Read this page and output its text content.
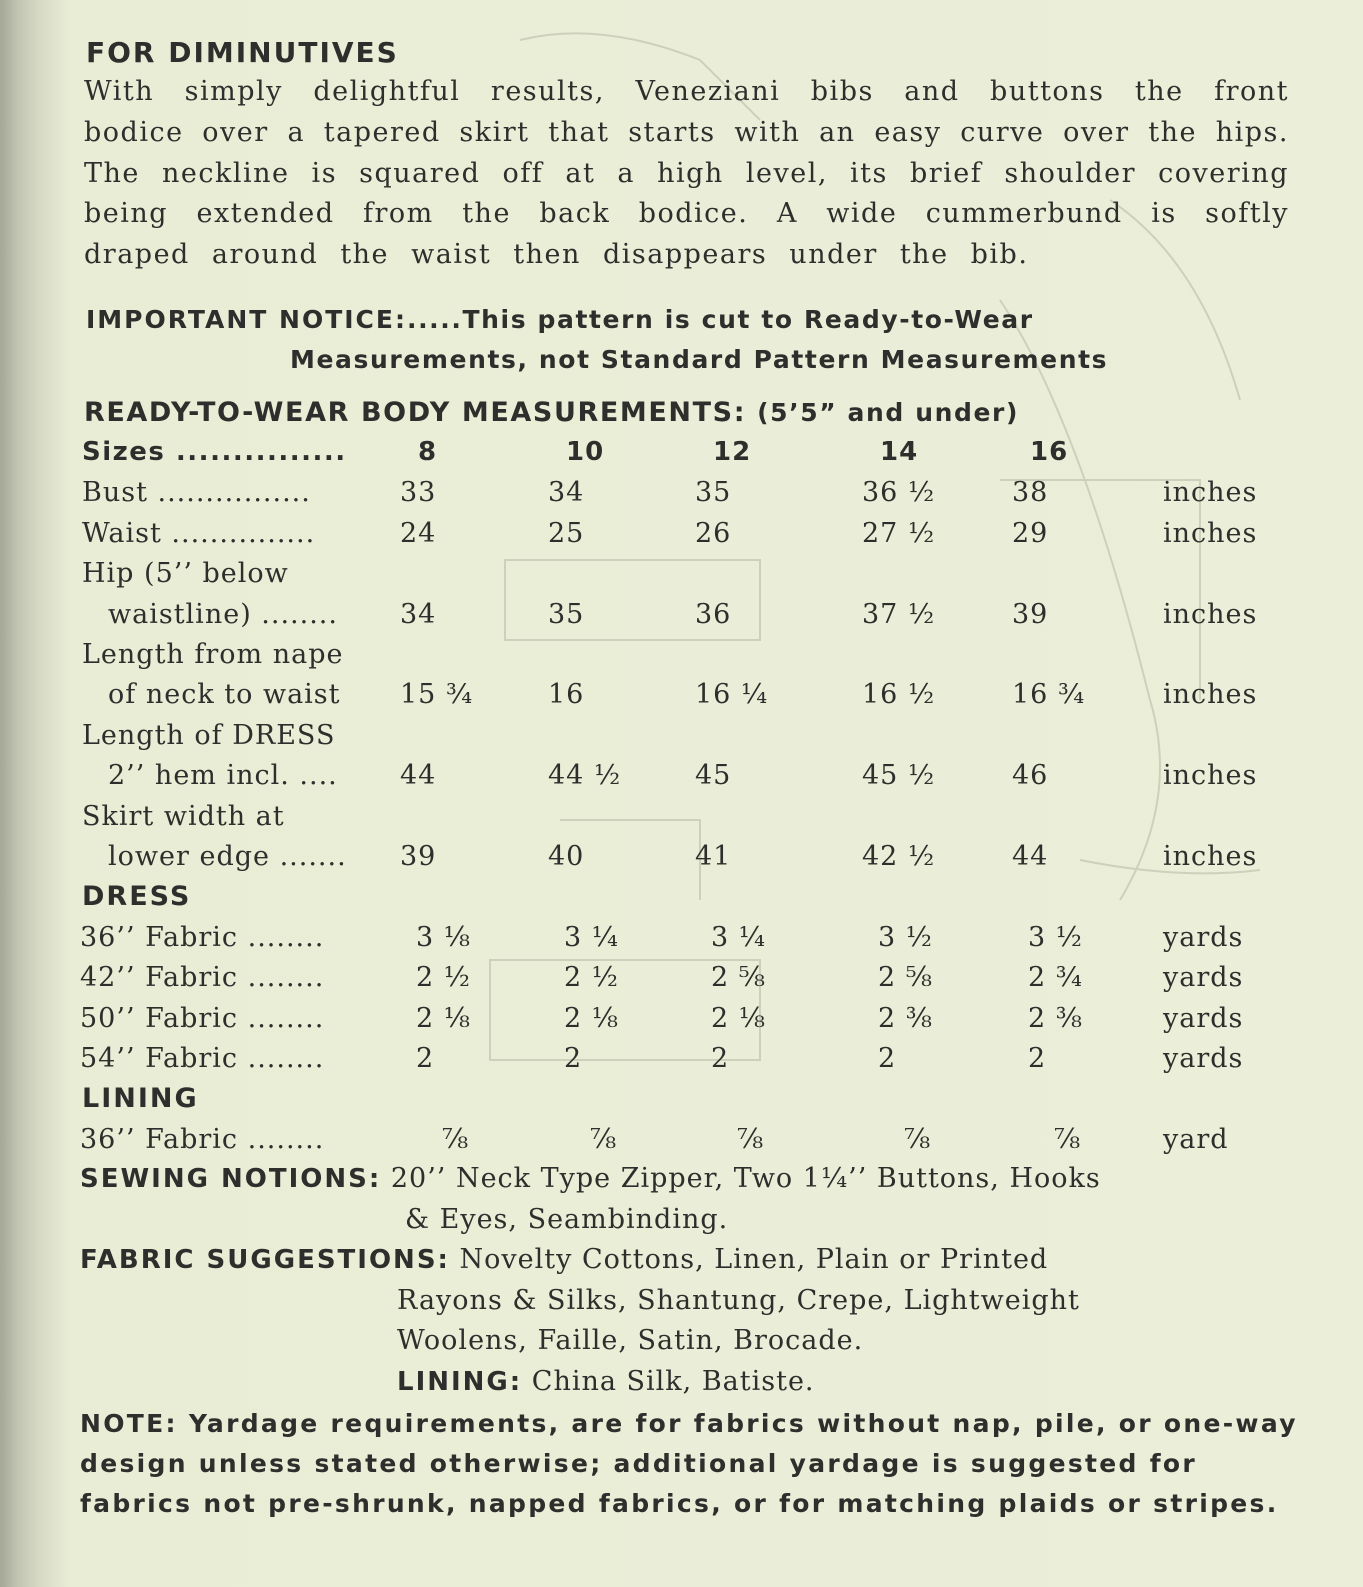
FOR DIMINUTIVES
With simply delightful results, Veneziani bibs and buttons the front
bodice over a tapered skirt that starts with an easy curve over the hips.
The neckline is squared off at a high level, its brief shoulder covering
being extended from the back bodice. A wide cummerbund is softly
draped around the waist then disappears under the bib.
IMPORTANT NOTICE:.....This pattern is cut to Ready-to-Wear
Measurements, not Standard Pattern Measurements
READY-TO-WEAR BODY MEASUREMENTS: (5’5” and under)
Sizes ...............	8	10	12	14	16
Bust ................	33	34	35	36 ½	38	inches
Waist ...............	24	25	26	27 ½	29	inches
Hip (5’’ below
waistline) ........ 34	35	36	37 ½	39	inches
Length from nape
of neck to waist 15 ¾	16	16 ¼	16 ½	16 ¾	inches
Length of DRESS
2’’ hem incl. .... 44	44 ½	45	45 ½	46	inches
Skirt width at
lower edge ....... 39	40	41	42 ½	44	inches
DRESS
36’’ Fabric ........	3 ⅛	3 ¼	3 ¼	3 ½	3 ½	yards
42’’ Fabric ........	2 ½	2 ½	2 ⅝	2 ⅝	2 ¾	yards
50’’ Fabric ........	2 ⅛	2 ⅛	2 ⅛	2 ⅜	2 ⅜	yards
54’’ Fabric ........	2	2	2	2	2	yards
LINING
36’’ Fabric ........	⅞	⅞	⅞	⅞	⅞	yard
SEWING NOTIONS: 20’’ Neck Type Zipper, Two 1¼’’ Buttons, Hooks
& Eyes, Seambinding.
FABRIC SUGGESTIONS: Novelty Cottons, Linen, Plain or Printed
Rayons & Silks, Shantung, Crepe, Lightweight
Woolens, Faille, Satin, Brocade.
LINING: China Silk, Batiste.
NOTE: Yardage requirements, are for fabrics without nap, pile, or one-way
design unless stated otherwise; additional yardage is suggested for
fabrics not pre-shrunk, napped fabrics, or for matching plaids or stripes.
